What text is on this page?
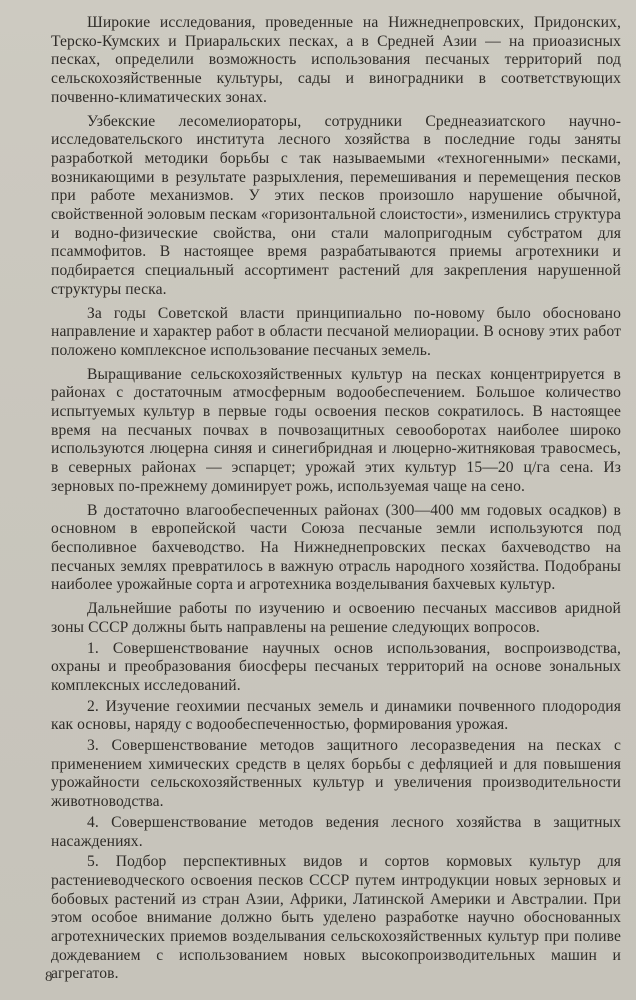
Широкие исследования, проведенные на Нижнеднепровских, Придонских, Терско-Кумских и Приаральских песках, а в Средней Азии — на приоазисных песках, определили возможность использования песчаных территорий под сельскохозяйственные культуры, сады и виноградники в соответствующих почвенно-климатических зонах.

Узбекские лесомелиораторы, сотрудники Среднеазиатского научно-исследовательского института лесного хозяйства в последние годы заняты разработкой методики борьбы с так называемыми «техногенными» песками, возникающими в результате разрыхления, перемешивания и перемещения песков при работе механизмов. У этих песков произошло нарушение обычной, свойственной эоловым пескам «горизонтальной слоистости», изменились структура и водно-физические свойства, они стали малопригодным субстратом для псаммофитов. В настоящее время разрабатываются приемы агротехники и подбирается специальный ассортимент растений для закрепления нарушенной структуры песка.

За годы Советской власти принципиально по-новому было обосновано направление и характер работ в области песчаной мелиорации. В основу этих работ положено комплексное использование песчаных земель.

Выращивание сельскохозяйственных культур на песках концентрируется в районах с достаточным атмосферным водообеспечением. Большое количество испытуемых культур в первые годы освоения песков сократилось. В настоящее время на песчаных почвах в почвозащитных севооборотах наиболее широко используются люцерна синяя и синегибридная и люцерно-житняковая травосмесь, в северных районах — эспарцет; урожай этих культур 15—20 ц/га сена. Из зерновых по-прежнему доминирует рожь, используемая чаще на сено.

В достаточно влагообеспеченных районах (300—400 мм годовых осадков) в основном в европейской части Союза песчаные земли используются под бесполивное бахчеводство. На Нижнеднепровских песках бахчеводство на песчаных землях превратилось в важную отрасль народного хозяйства. Подобраны наиболее урожайные сорта и агротехника возделывания бахчевых культур.

Дальнейшие работы по изучению и освоению песчаных массивов аридной зоны СССР должны быть направлены на решение следующих вопросов.

1. Совершенствование научных основ использования, воспроизводства, охраны и преобразования биосферы песчаных территорий на основе зональных комплексных исследований.

2. Изучение геохимии песчаных земель и динамики почвенного плодородия как основы, наряду с водообеспеченностью, формирования урожая.

3. Совершенствование методов защитного лесоразведения на песках с применением химических средств в целях борьбы с дефляцией и для повышения урожайности сельскохозяйственных культур и увеличения производительности животноводства.

4. Совершенствование методов ведения лесного хозяйства в защитных насаждениях.

5. Подбор перспективных видов и сортов кормовых культур для растениеводческого освоения песков СССР путем интродукции новых зерновых и бобовых растений из стран Азии, Африки, Латинской Америки и Австралии. При этом особое внимание должно быть уделено разработке научно обоснованных агротехнических приемов возделывания сельскохозяйственных культур при поливе дождеванием с использованием новых высокопроизводительных машин и агрегатов.

8
